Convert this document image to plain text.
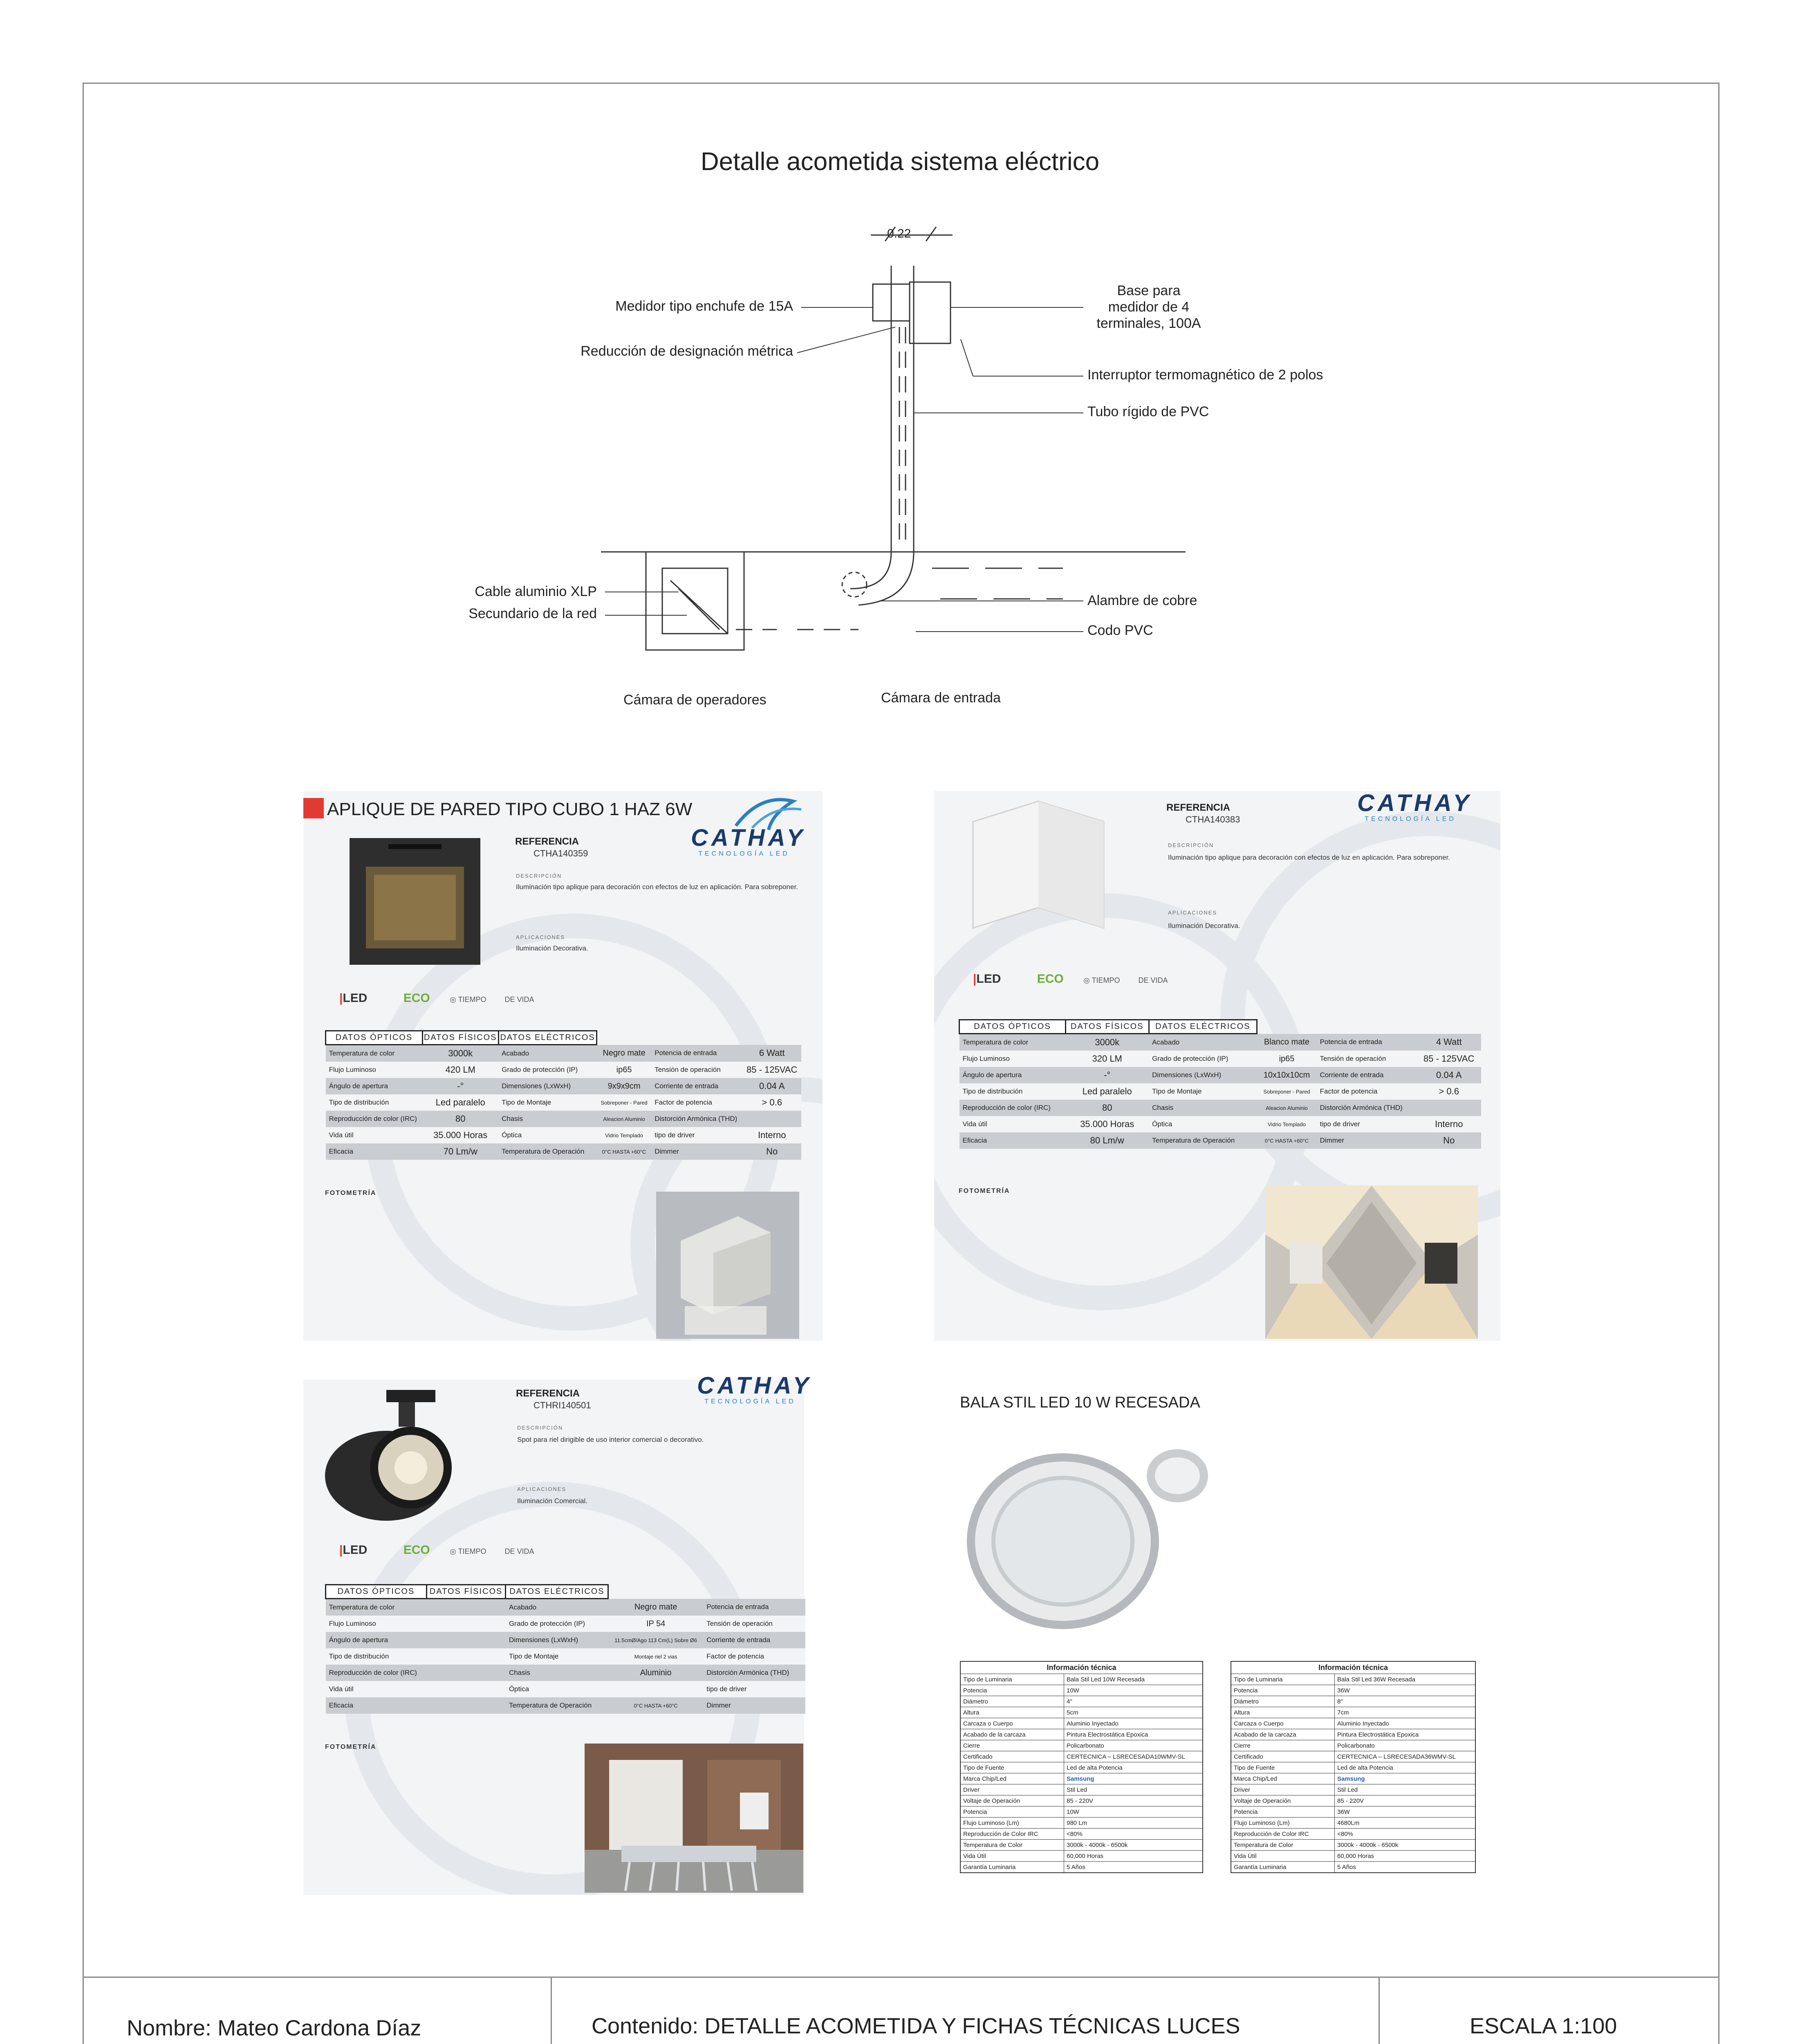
Detalle acometida sistema eléctrico
0.22
Medidor tipo enchufe de 15A
Reducción de designación métrica
Cable aluminio XLP
Secundario de la red
Base para
medidor de 4
terminales, 100A
Interruptor termomagnético de 2 polos
Tubo rígido de PVC
Alambre de cobre
Codo PVC
Cámara de operadores	Cámara de entrada
APLIQUE DE PARED TIPO CUBO 1 HAZ 6W
CATHAY
TECNOLOGÍA LED
REFERENCIA
CTHA140359
DESCRIPCIÓN
Iluminación tipo aplique para decoración con efectos de luz en aplicación. Para sobreponer.
APLICACIONES
Iluminación Decorativa.
|LED	ECO	◎ TIEMPO	DE VIDA
DATOS ÓPTICOS	DATOS FÍSICOS	DATOS ELÉCTRICOS			
Temperatura de color	3000k	Acabado	Negro mate	Potencia de entrada	6 Watt
Flujo Luminoso	420 LM	Grado de protección (IP)	ip65	Tensión de operación	85 - 125VAC
Ángulo de apertura	-°	Dimensiones (LxWxH)	9x9x9cm	Corriente de entrada	0.04 A
Tipo de distribución	Led paralelo	Tipo de Montaje	Sobreponer - Pared	Factor de potencia	> 0.6
Reproducción de color (IRC)	80	Chasis	Aleacion Aluminio	Distorción Armónica (THD)	
Vida útil	35.000 Horas	Óptica	Vidrio Templado	tipo de driver	Interno
Eficacia	70 Lm/w	Temperatura de Operación	0°C HASTA +60°C	Dimmer	No
FOTOMETRÍA
REFERENCIA
CTHA140383
CATHAY
TECNOLOGÍA LED
DESCRIPCIÓN
Iluminación tipo aplique para decoración con efectos de luz en aplicación. Para sobreponer.
APLICACIONES
Iluminación Decorativa.
|LED	ECO	◎ TIEMPO	DE VIDA
DATOS ÓPTICOS	DATOS FÍSICOS	DATOS ELÉCTRICOS			
Temperatura de color	3000k	Acabado	Blanco mate	Potencia de entrada	4 Watt
Flujo Luminoso	320 LM	Grado de protección (IP)	ip65	Tensión de operación	85 - 125VAC
Ángulo de apertura	-°	Dimensiones (LxWxH)	10x10x10cm	Corriente de entrada	0.04 A
Tipo de distribución	Led paralelo	Tipo de Montaje	Sobreponer - Pared	Factor de potencia	> 0.6
Reproducción de color (IRC)	80	Chasis	Aleacion Aluminio	Distorción Armónica (THD)	
Vida útil	35.000 Horas	Óptica	Vidrio Templado	tipo de driver	Interno
Eficacia	80 Lm/w	Temperatura de Operación	0°C HASTA +60°C	Dimmer	No
FOTOMETRÍA
REFERENCIA
CTHRI140501
CATHAY
TECNOLOGÍA LED
DESCRIPCIÓN
Spot para riel dirigible de uso interior comercial o decorativo.
APLICACIONES
Iluminación Comercial.
|LED	ECO	◎ TIEMPO	DE VIDA
DATOS ÓPTICOS	DATOS FÍSICOS	DATOS ELÉCTRICOS			
Temperatura de color		Acabado	Negro mate	Potencia de entrada	
Flujo Luminoso		Grado de protección (IP)	IP 54	Tensión de operación	
Ángulo de apertura		Dimensiones (LxWxH)	11.5cmØ/Ago 113 Cm(L) Sobre Ø6	Corriente de entrada	
Tipo de distribución		Tipo de Montaje	Montaje riel 2 vias	Factor de potencia	
Reproducción de color (IRC)		Chasis	Aluminio	Distorción Armónica (THD)	
Vida útil		Óptica		tipo de driver	
Eficacia		Temperatura de Operación	0°C HASTA +60°C	Dimmer	
FOTOMETRÍA
BALA STIL LED 10 W RECESADA
Información técnica	
Tipo de Luminaria	Bala Stil Led 10W Recesada
Potencia	10W
Diámetro	4"
Altura	5cm
Carcaza o Cuerpo	Aluminio Inyectado
Acabado de la carcaza	Pintura Electrostática Epoxica
Cierre	Policarbonato
Certificado	CERTECNICA – LSRECESADA10WMV-SL
Tipo de Fuente	Led de alta Potencia
Marca Chip/Led	Samsung
Driver	Stil Led
Voltaje de Operación	85 - 220V
Potencia	10W
Flujo Luminoso (Lm)	980 Lm
Reproducción de Color IRC	<80%
Temperatura de Color	3000k - 4000k - 6500k
Vida Útil	60,000 Horas
Garantía Luminaria	5 Años
Información técnica	
Tipo de Luminaria	Bala Stil Led 36W Recesada
Potencia	36W
Diámetro	8"
Altura	7cm
Carcaza o Cuerpo	Aluminio Inyectado
Acabado de la carcaza	Pintura Electrostática Epoxica
Cierre	Policarbonato
Certificado	CERTECNICA – LSRECESADA36WMV-SL
Tipo de Fuente	Led de alta Potencia
Marca Chip/Led	Samsung
Driver	Stil Led
Voltaje de Operación	85 - 220V
Potencia	36W
Flujo Luminoso (Lm)	4680Lm
Reproducción de Color IRC	<80%
Temperatura de Color	3000k - 4000k - 6500k
Vida Útil	60,000 Horas
Garantía Luminaria	5 Años
Nombre: Mateo Cardona Díaz	Contenido: DETALLE ACOMETIDA Y FICHAS TÉCNICAS LUCES	ESCALA 1:100
